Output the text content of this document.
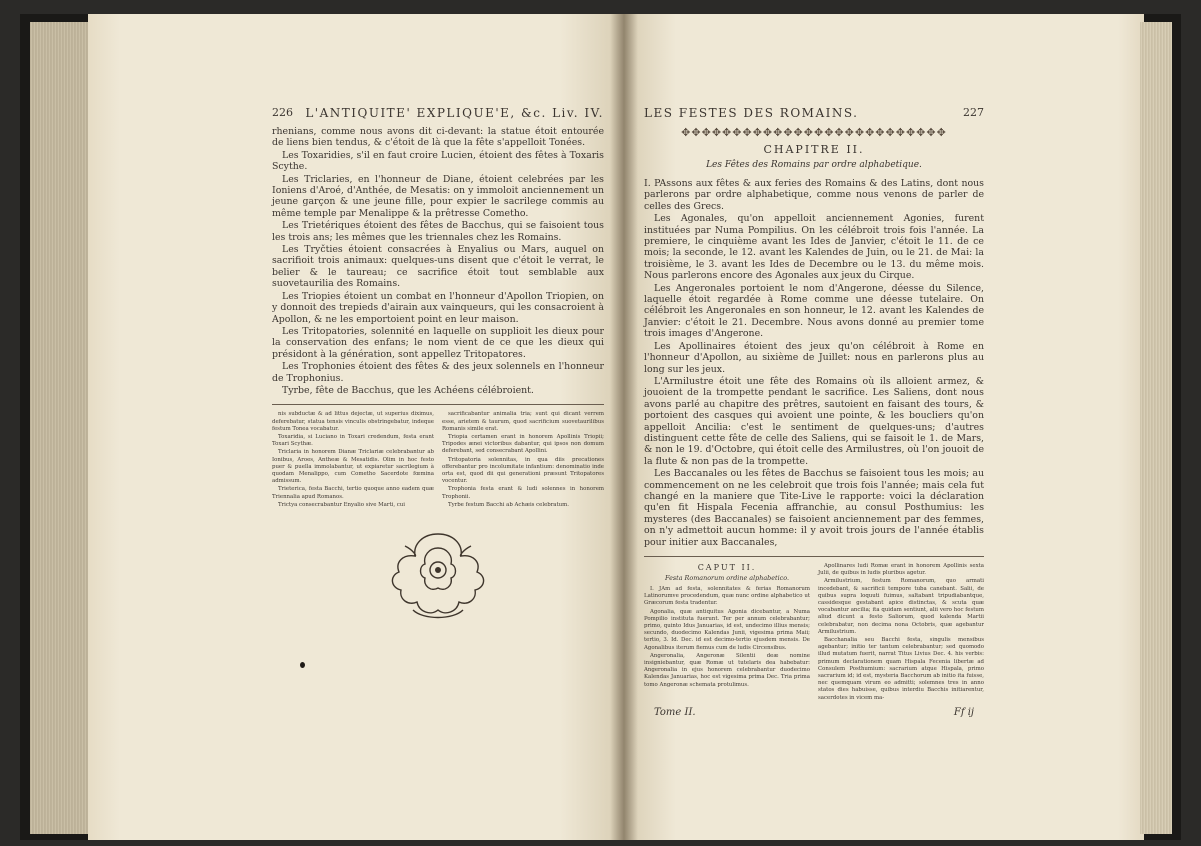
226 L'ANTIQUITE' EXPLIQUE'E, &c. Liv. IV.

rhenians, comme nous avons dit ci-devant: la statue étoit entourée de liens bien tendus, & c'étoit de là que la fête s'appelloit Tonées.

Les Toxaridies, s'il en faut croire Lucien, étoient des fêtes à Toxaris Scythe.

Les Triclaries, en l'honneur de Diane, étoient celebrées par les Ioniens d'Aroé, d'Anthée, de Mesatis: on y immoloit anciennement un jeune garçon & une jeune fille, pour expier le sacrilege commis au même temple par Menalippe & la prêtresse Cometho.

Les Trietériques étoient des fêtes de Bacchus, qui se faisoient tous les trois ans; les mêmes que les triennales chez les Romains.

Les Tryčties étoient consacrées à Enyalius ou Mars, auquel on sacrifioit trois animaux: quelques-uns disent que c'étoit le verrat, le belier & le taureau; ce sacrifice étoit tout semblable aux suovetaurilia des Romains.

Les Triopies étoient un combat en l'honneur d'Apollon Triopien, on y donnoit des trepieds d'airain aux vainqueurs, qui les consacroient à Apollon, & ne les emportoient point en leur maison.

Les Tritopatories, solennité en laquelle on supplioit les dieux pour la conservation des enfans; le nom vient de ce que les dieux qui présidont à la génération, sont appellez Tritopatores.

Les Trophonies étoient des fêtes & des jeux solennels en l'honneur de Trophonius.

Tyrbe, fête de Bacchus, que les Achéens célébroient.

nis subductæ & ad littus dejectæ, ut superius diximus, deferebatur, statua tensis vinculis obstringebatur, indeque festum Tonea vocabatur.

Toxaridia, si Luciano in Toxari credendum, festa erant Toxari Scythæ.

Triclaria in honorem Dianæ Triclariæ celebrabantur ab Ionibus, Aroes, Antheæ & Mesatidis. Olim in hoc festo puer & puella immolabantur, ut expiaretur sacrilegium à quodam Menalippo, cum Cometho Sacerdote fœmina admissum.

Trieterica, festa Bacchi, tertio quoque anno eadem quæ Triennalia apud Romanos.

Trictya consecrabantur Enyalio sive Marti, cui

sacrificabantur animalia tria; sunt qui dicant verrem esse, arietem & taurum, quod sacrificium suovetaurilibus Romanis simile erat.

Triopia certamen erant in honorem Apollinis Triopii; Tripodes ænei victoribus dabantur, qui ipsos non domum deferebant, sed consecrabant Apollini.

Tritopatoria solennitas, in qua diis precationes offerebantur pro incolumitate infantium: denominatio inde orta est, quod dii qui generationi præsunt Tritopatores vocentur.

Trophonia festa erant & ludi solennes in honorem Trophonii.

Tyrbe festum Bacchi ab Achæis celebratum.

LES FESTES DES ROMAINS.	227
✥✥✥✥✥✥✥✥✥✥✥✥✥✥✥✥✥✥✥✥✥✥✥✥✥✥
CHAPITRE II.
Les Fêtes des Romains par ordre alphabetique.

I. PAssons aux fêtes & aux feries des Romains & des Latins, dont nous parlerons par ordre alphabetique, comme nous venons de parler de celles des Grecs.

Les Agonales, qu'on appelloit anciennement Agonies, furent instituées par Numa Pompilius. On les célébroit trois fois l'année. La premiere, le cinquième avant les Ides de Janvier, c'étoit le 11. de ce mois; la seconde, le 12. avant les Kalendes de Juin, ou le 21. de Mai: la troisième, le 3. avant les Ides de Decembre ou le 13. du même mois. Nous parlerons encore des Agonales aux jeux du Cirque.

Les Angeronales portoient le nom d'Angerone, déesse du Silence, laquelle étoit regardée à Rome comme une déesse tutelaire. On célébroit les Angeronales en son honneur, le 12. avant les Kalendes de Janvier: c'étoit le 21. Decembre. Nous avons donné au premier tome trois images d'Angerone.

Les Apollinaires étoient des jeux qu'on célébroit à Rome en l'honneur d'Apollon, au sixième de Juillet: nous en parlerons plus au long sur les jeux.

L'Armilustre étoit une fête des Romains où ils alloient armez, & jouoient de la trompette pendant le sacrifice. Les Saliens, dont nous avons parlé au chapitre des prêtres, sautoient en faisant des tours, & portoient des casques qui avoient une pointe, & les boucliers qu'on appelloit Ancilia: c'est le sentiment de quelques-uns; d'autres distinguent cette fête de celle des Saliens, qui se faisoit le 1. de Mars, & non le 19. d'Octobre, qui étoit celle des Armilustres, où l'on jouoit de la flute & non pas de la trompette.

Les Baccanales ou les fêtes de Bacchus se faisoient tous les mois; au commencement on ne les celebroit que trois fois l'année; mais cela fut changé en la maniere que Tite-Live le rapporte: voici la déclaration qu'en fit Hispala Fecenia affranchie, au consul Posthumius: les mysteres (des Baccanales) se faisoient anciennement par des femmes, on n'y admettoit aucun homme: il y avoit trois jours de l'année établis pour initier aux Baccanales,

CAPUT II.
Festa Romanorum ordine alphabetico.

I. JAm ad festa, solennitates & ferias Romanorum Latinorumve procedendum, quæ nunc ordine alphabetico ut Græcorum festa tradentur.

Agonalia, quæ antiquitus Agonia dicebantur, a Numa Pompilio instituta fuerunt. Ter per annum celebrabantur; primo, quinto Idus Januarias, id est, undecimo illius mensis; secundo, duodecimo Kalendas Junii, vigesima prima Maii; tertio, 3. Id. Dec. id est decimo-tertio ejusdem mensis. De Agonalibus iterum fiemus cum de ludis Circensibus.

Angeronalia, Angeronæ Silentii deæ nomine insigniebantur, quæ Romæ ut tutelaris dea habebatur: Angeronalia in ejus honorem celebrabantur duodecimo Kalendas Januarias, hoc est vigesima prima Dec. Tria prima tomo Angeronæ schemata protulimus.

Apollinares ludi Romæ erant in honorem Apollinis sexta Julii, de quibus in ludis pluribus agetur.

Armilustrium, festum Romanorum, quo armati incedebant, & sacrificii tempore tuba canebant. Salii, de quibus supra loquuti fuimus, saltabant tripudiabantque, cassidesque gestabant apice distinctas, & scuta quæ vocabantur ancilia; ita quidam sentiunt, alii vero hoc festum aliud dicunt a festo Saliorum, quod kalenda Martii celebrabatur, non decima nona Octobris, quæ agebantur Armilustrium.

Bacchanalia seu Bacchi festa, singulis mensibus agebantur; initio ter tantum celebrabantur; sed quomodo illud mutatum fuerit, narrat Titus Livius Dec. 4. his verbis: primum declarationem quam Hispala Fecenia libertæ ad Consulem Posthumium: sacrarium atque Hispala, primo sacrarium id; id est, mysteria Bacchorum ab initio ita fuisse, nec quemquam virum eo admitti; solemnes tres in anno statos dies habuisse, quibus interdiu Bacchis initiarentur, sacerdotes in vicem ma-

Tome II.	Ff ij
